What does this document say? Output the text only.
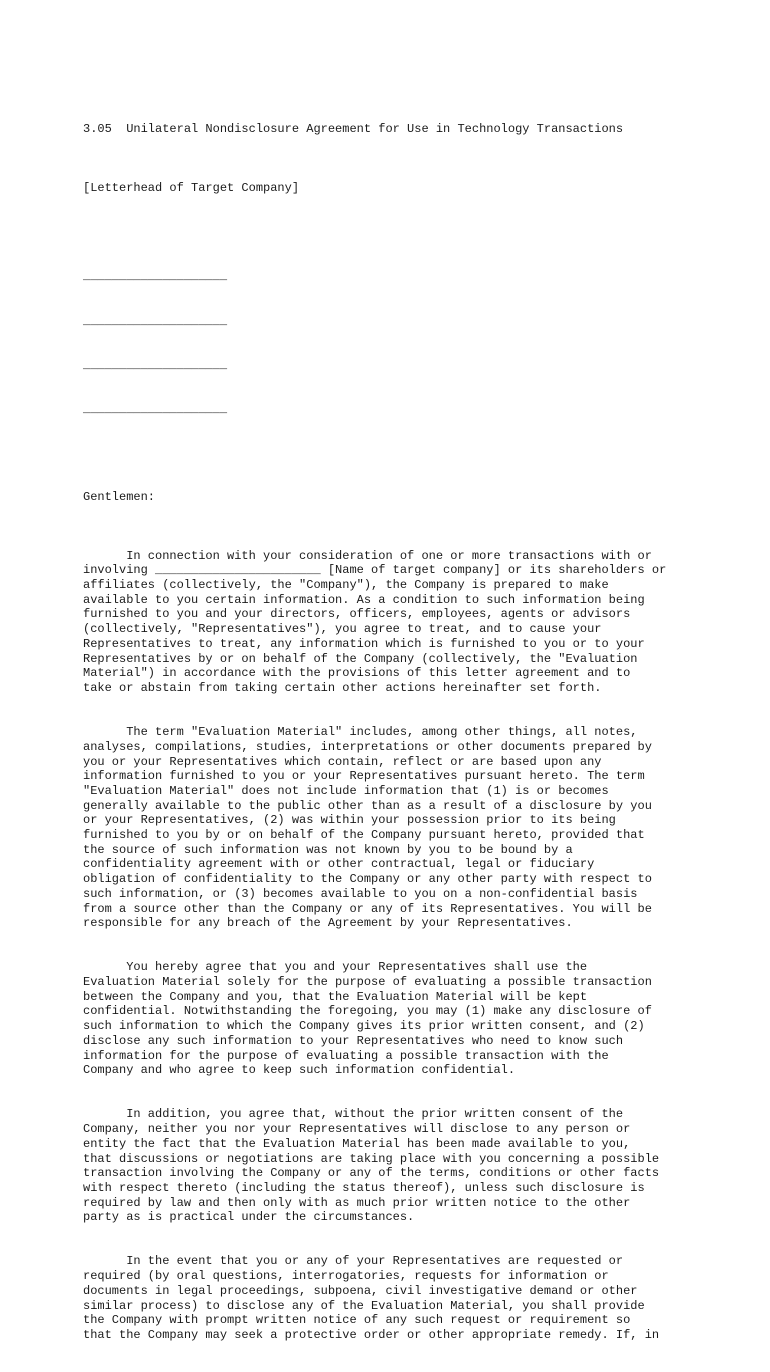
3.05  Unilateral Nondisclosure Agreement for Use in Technology Transactions

[Letterhead of Target Company]

____________________

____________________

____________________

____________________

Gentlemen:

In connection with your consideration of one or more transactions with or
involving _______________________ [Name of target company] or its shareholders or
affiliates (collectively, the "Company"), the Company is prepared to make
available to you certain information. As a condition to such information being
furnished to you and your directors, officers, employees, agents or advisors
(collectively, "Representatives"), you agree to treat, and to cause your
Representatives to treat, any information which is furnished to you or to your
Representatives by or on behalf of the Company (collectively, the "Evaluation
Material") in accordance with the provisions of this letter agreement and to
take or abstain from taking certain other actions hereinafter set forth.

The term "Evaluation Material" includes, among other things, all notes,
analyses, compilations, studies, interpretations or other documents prepared by
you or your Representatives which contain, reflect or are based upon any
information furnished to you or your Representatives pursuant hereto. The term
"Evaluation Material" does not include information that (1) is or becomes
generally available to the public other than as a result of a disclosure by you
or your Representatives, (2) was within your possession prior to its being
furnished to you by or on behalf of the Company pursuant hereto, provided that
the source of such information was not known by you to be bound by a
confidentiality agreement with or other contractual, legal or fiduciary
obligation of confidentiality to the Company or any other party with respect to
such information, or (3) becomes available to you on a non-confidential basis
from a source other than the Company or any of its Representatives. You will be
responsible for any breach of the Agreement by your Representatives.

You hereby agree that you and your Representatives shall use the
Evaluation Material solely for the purpose of evaluating a possible transaction
between the Company and you, that the Evaluation Material will be kept
confidential. Notwithstanding the foregoing, you may (1) make any disclosure of
such information to which the Company gives its prior written consent, and (2)
disclose any such information to your Representatives who need to know such
information for the purpose of evaluating a possible transaction with the
Company and who agree to keep such information confidential.

In addition, you agree that, without the prior written consent of the
Company, neither you nor your Representatives will disclose to any person or
entity the fact that the Evaluation Material has been made available to you,
that discussions or negotiations are taking place with you concerning a possible
transaction involving the Company or any of the terms, conditions or other facts
with respect thereto (including the status thereof), unless such disclosure is
required by law and then only with as much prior written notice to the other
party as is practical under the circumstances.

In the event that you or any of your Representatives are requested or
required (by oral questions, interrogatories, requests for information or
documents in legal proceedings, subpoena, civil investigative demand or other
similar process) to disclose any of the Evaluation Material, you shall provide
the Company with prompt written notice of any such request or requirement so
that the Company may seek a protective order or other appropriate remedy. If, in
